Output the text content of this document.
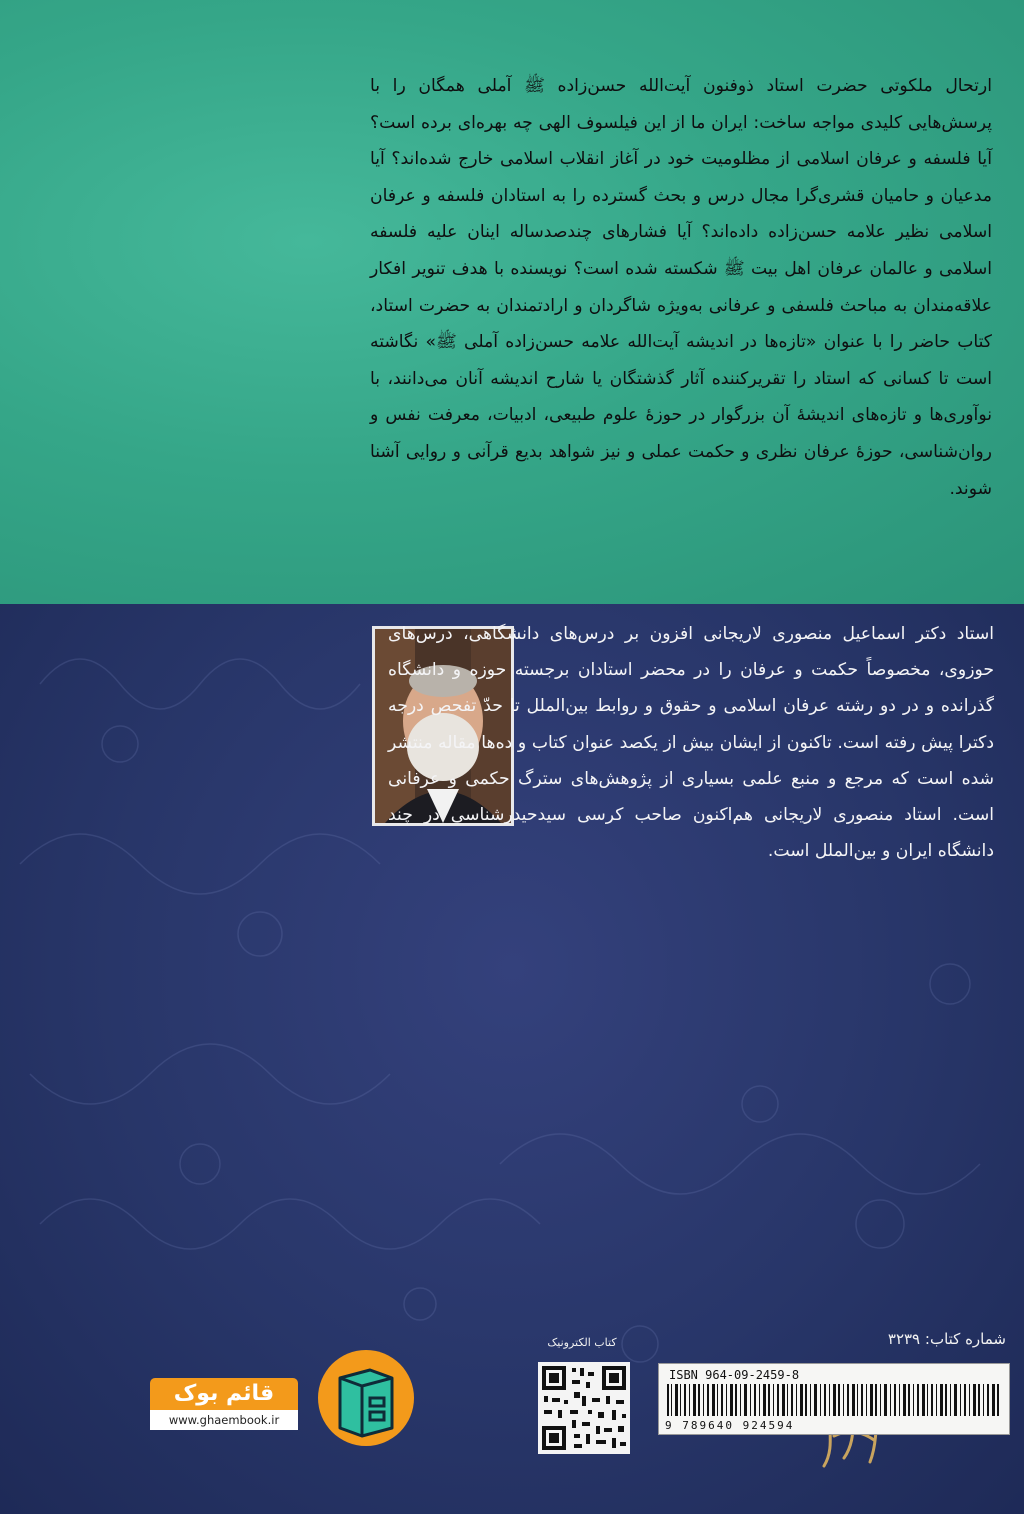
ارتحال ملکوتی حضرت استاد ذوفنون آیت‌الله حسن‌زاده ﷺ آملی همگان را با پرسش‌هایی کلیدی مواجه ساخت: ایران ما از این فیلسوف الهی چه بهره‌ای برده است؟ آیا فلسفه و عرفان اسلامی از مظلومیت خود در آغاز انقلاب اسلامی خارج شده‌اند؟ آیا مدعیان و حامیان قشری‌گرا مجال درس و بحث گسترده را به استادان فلسفه و عرفان اسلامی نظیر علامه حسن‌زاده داده‌اند؟ آیا فشارهای چندصدساله اینان علیه فلسفه اسلامی و عالمان عرفان اهل بیت ﷺ شکسته شده است؟ نویسنده با هدف تنویر افکار علاقه‌مندان به مباحث فلسفی و عرفانی به‌ویژه شاگردان و ارادتمندان به حضرت استاد، کتاب حاضر را با عنوان «تازه‌ها در اندیشه آیت‌الله علامه حسن‌زاده آملی ﷺ» نگاشته است تا کسانی که استاد را تقریرکننده آثار گذشتگان یا شارح اندیشه آنان می‌دانند، با نوآوری‌ها و تازه‌های اندیشهٔ آن بزرگوار در حوزهٔ علوم طبیعی، ادبیات، معرفت نفس و روان‌شناسی، حوزهٔ عرفان نظری و حکمت عملی و نیز شواهد بدیع قرآنی و روایی آشنا شوند.
استاد دکتر اسماعیل منصوری لاریجانی افزون بر درس‌های دانشگاهی، درس‌های حوزوی، مخصوصاً حکمت و عرفان را در محضر استادان برجسته حوزه و دانشگاه گذرانده و در دو رشته عرفان اسلامی و حقوق و روابط بین‌الملل تا حدّ تفحص درجه دکترا پیش رفته است. تاکنون از ایشان بیش از یکصد عنوان کتاب و ده‌ها مقاله منتشر شده است که مرجع و منبع علمی بسیاری از پژوهش‌های سترگ حکمی و عرفانی است. استاد منصوری لاریجانی هم‌اکنون صاحب کرسی سیدحیدرشناسی در چند دانشگاه ایران و بین‌الملل است.
شماره کتاب: ۳۲۳۹
ISBN 964-09-2459-8
9 789640 924594
کتاب الکترونیک
قائم بوک
www.ghaembook.ir
